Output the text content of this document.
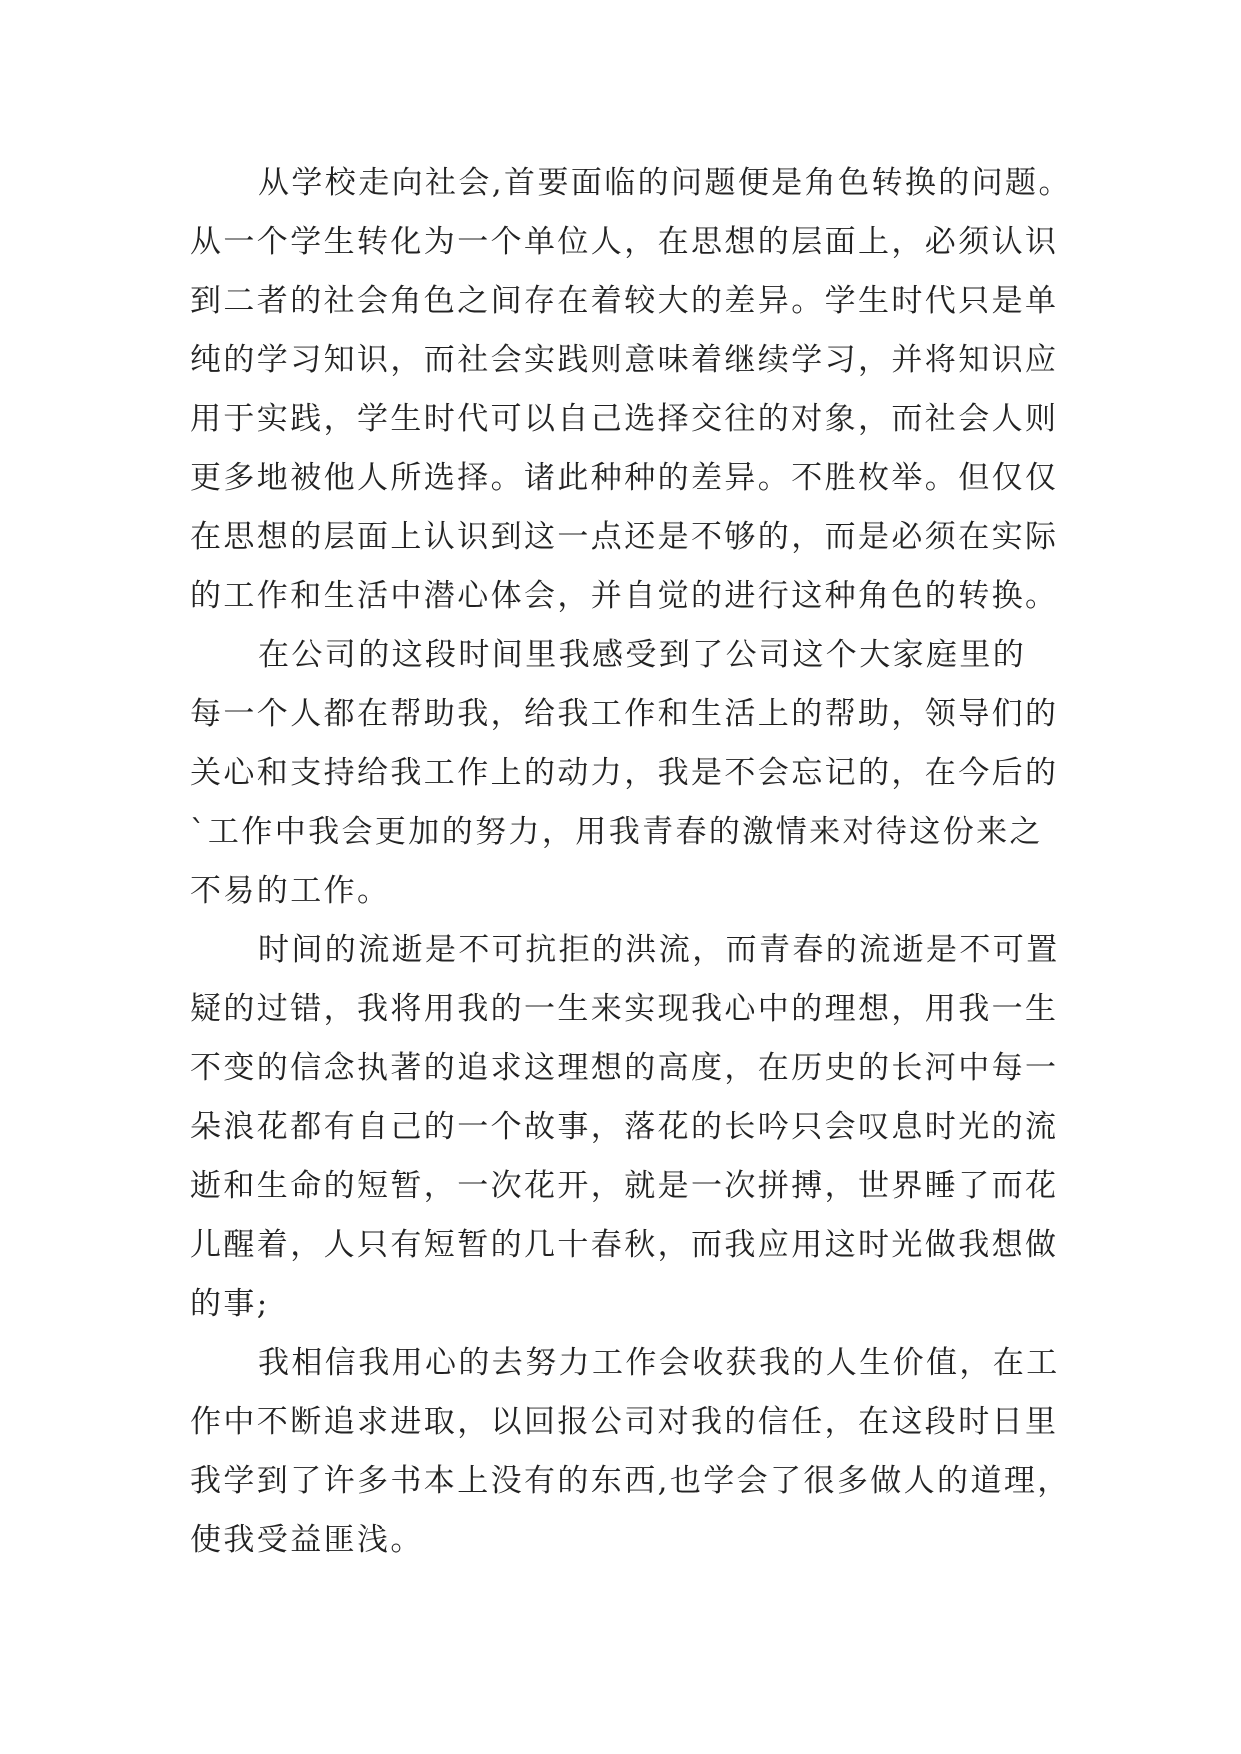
从学校走向社会,首要面临的问题便是角色转换的问题。
从一个学生转化为一个单位人，在思想的层面上，必须认识
到二者的社会角色之间存在着较大的差异。学生时代只是单
纯的学习知识，而社会实践则意味着继续学习，并将知识应
用于实践，学生时代可以自己选择交往的对象，而社会人则
更多地被他人所选择。诸此种种的差异。不胜枚举。但仅仅
在思想的层面上认识到这一点还是不够的，而是必须在实际
的工作和生活中潜心体会，并自觉的进行这种角色的转换。
在公司的这段时间里我感受到了公司这个大家庭里的
每一个人都在帮助我，给我工作和生活上的帮助，领导们的
关心和支持给我工作上的动力，我是不会忘记的，在今后的
`工作中我会更加的努力，用我青春的激情来对待这份来之
不易的工作。
时间的流逝是不可抗拒的洪流，而青春的流逝是不可置
疑的过错，我将用我的一生来实现我心中的理想，用我一生
不变的信念执著的追求这理想的高度，在历史的长河中每一
朵浪花都有自己的一个故事，落花的长吟只会叹息时光的流
逝和生命的短暂，一次花开，就是一次拼搏，世界睡了而花
儿醒着，人只有短暂的几十春秋，而我应用这时光做我想做
的事;
我相信我用心的去努力工作会收获我的人生价值，在工
作中不断追求进取，以回报公司对我的信任，在这段时日里
我学到了许多书本上没有的东西,也学会了很多做人的道理，
使我受益匪浅。
